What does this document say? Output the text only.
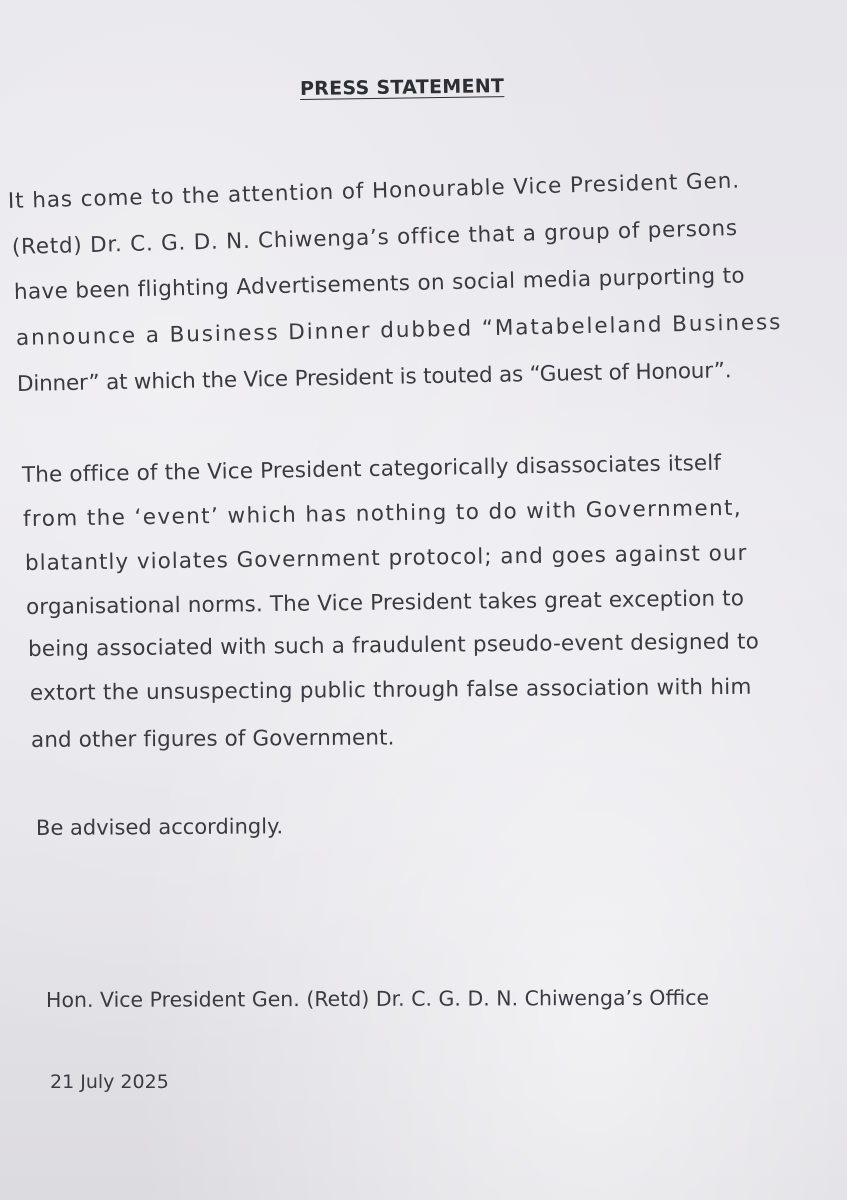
PRESS STATEMENT
It has come to the attention of Honourable Vice President Gen.
(Retd) Dr. C. G. D. N. Chiwenga’s office that a group of persons
have been flighting Advertisements on social media purporting to
announce a Business Dinner dubbed “Matabeleland Business
Dinner” at which the Vice President is touted as “Guest of Honour”.
The office of the Vice President categorically disassociates itself
from the ‘event’ which has nothing to do with Government,
blatantly violates Government protocol; and goes against our
organisational norms. The Vice President takes great exception to
being associated with such a fraudulent pseudo-event designed to
extort the unsuspecting public through false association with him
and other figures of Government.
Be advised accordingly.
Hon. Vice President Gen. (Retd) Dr. C. G. D. N. Chiwenga’s Office
21 July 2025
